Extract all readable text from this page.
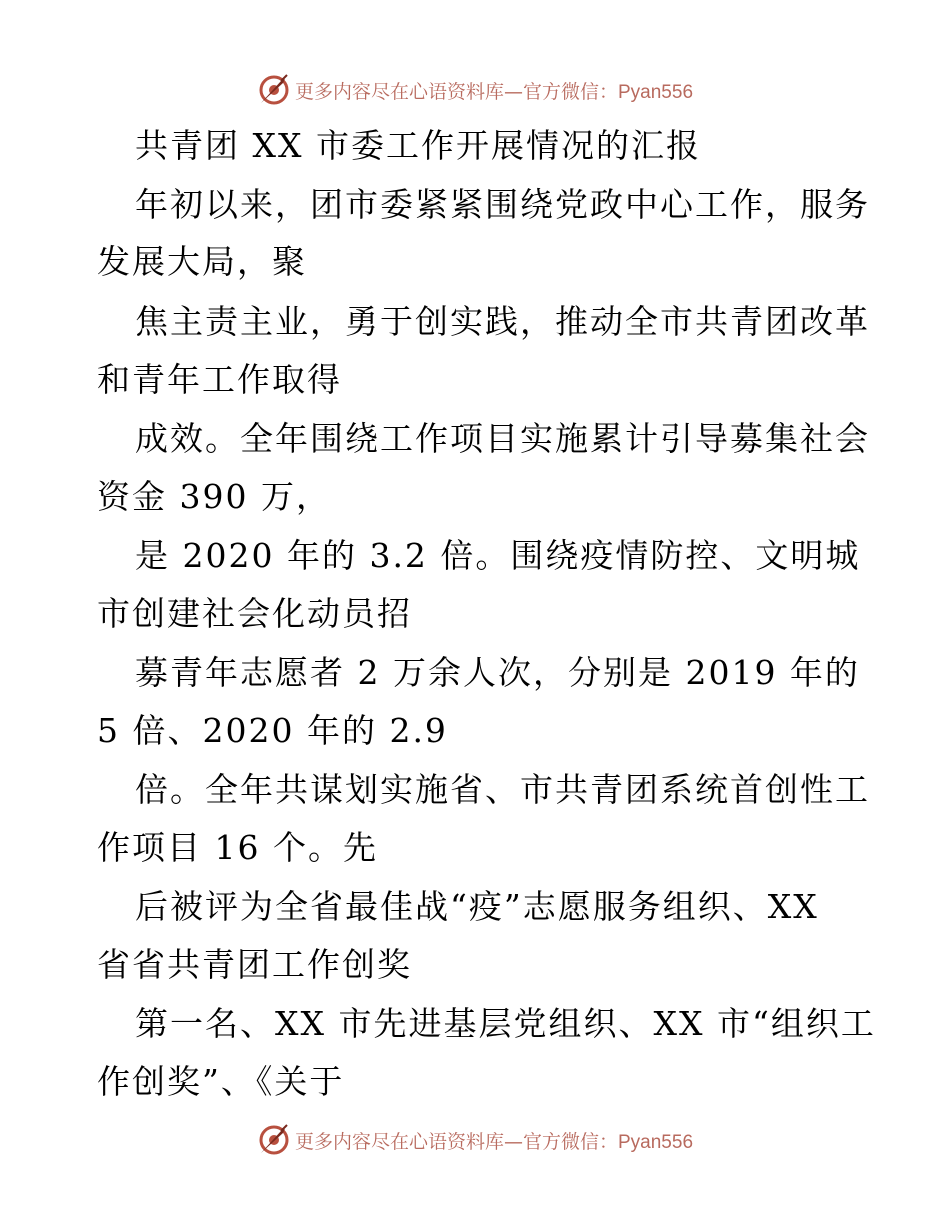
更多内容尽在心语资料库—官方微信：Pyan556
共青团 XX 市委工作开展情况的汇报
年初以来，团市委紧紧围绕党政中心工作，服务
发展大局，聚
焦主责主业，勇于创实践，推动全市共青团改革
和青年工作取得
成效。全年围绕工作项目实施累计引导募集社会
资金 390 万，
是 2020 年的 3.2 倍。围绕疫情防控、文明城
市创建社会化动员招
募青年志愿者 2 万余人次，分别是 2019 年的
5 倍、2020 年的 2.9
倍。全年共谋划实施省、市共青团系统首创性工
作项目 16 个。先
后被评为全省最佳战“疫”志愿服务组织、XX
省省共青团工作创奖
第一名、XX 市先进基层党组织、XX 市“组织工
作创奖”、《关于
更多内容尽在心语资料库—官方微信：Pyan556
